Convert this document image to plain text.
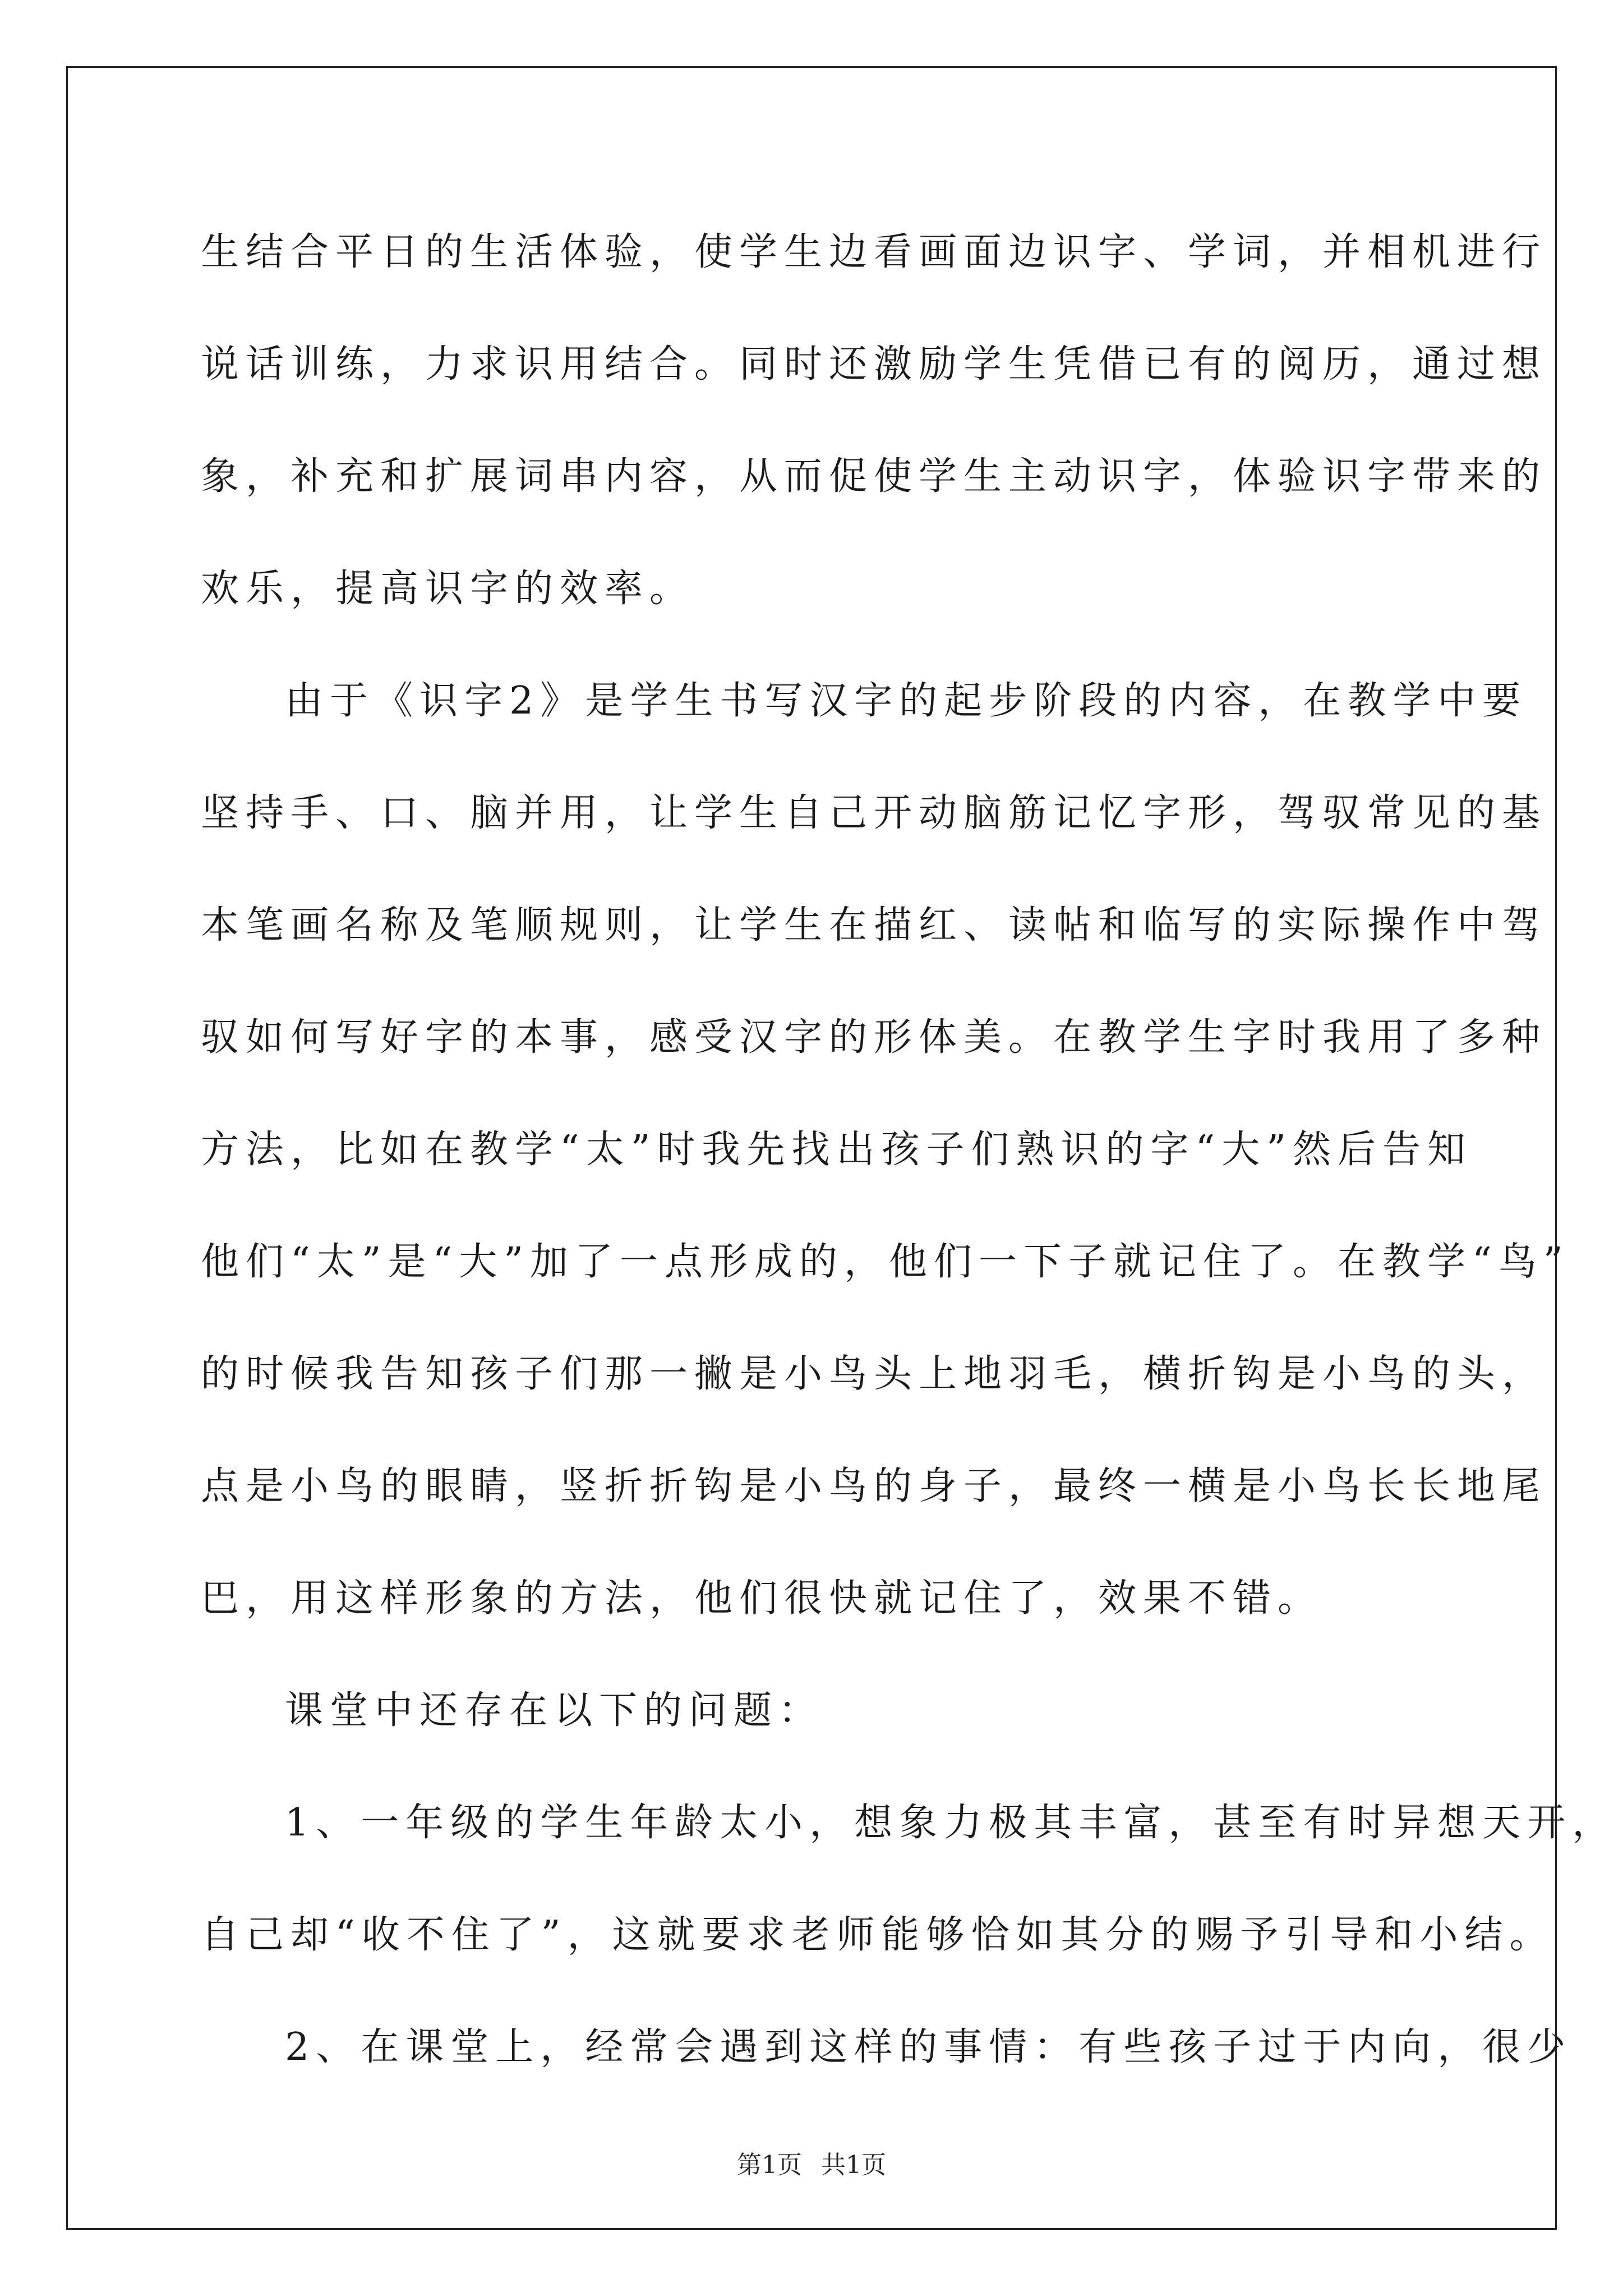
生结合平日的生活体验，使学生边看画面边识字、学词，并相机进行
说话训练，力求识用结合。同时还激励学生凭借已有的阅历，通过想
象，补充和扩展词串内容，从而促使学生主动识字，体验识字带来的
欢乐，提高识字的效率。
由于《识字2》是学生书写汉字的起步阶段的内容，在教学中要
坚持手、口、脑并用，让学生自己开动脑筋记忆字形，驾驭常见的基
本笔画名称及笔顺规则，让学生在描红、读帖和临写的实际操作中驾
驭如何写好字的本事，感受汉字的形体美。在教学生字时我用了多种
方法，比如在教学“太”时我先找出孩子们熟识的字“大”然后告知
他们“太”是“大”加了一点形成的，他们一下子就记住了。在教学“鸟”
的时候我告知孩子们那一撇是小鸟头上地羽毛，横折钩是小鸟的头，
点是小鸟的眼睛，竖折折钩是小鸟的身子，最终一横是小鸟长长地尾
巴，用这样形象的方法，他们很快就记住了，效果不错。
课堂中还存在以下的问题：
1、一年级的学生年龄太小，想象力极其丰富，甚至有时异想天开，
自己却“收不住了”，这就要求老师能够恰如其分的赐予引导和小结。
2、在课堂上，经常会遇到这样的事情：有些孩子过于内向，很少
第1页 共1页
